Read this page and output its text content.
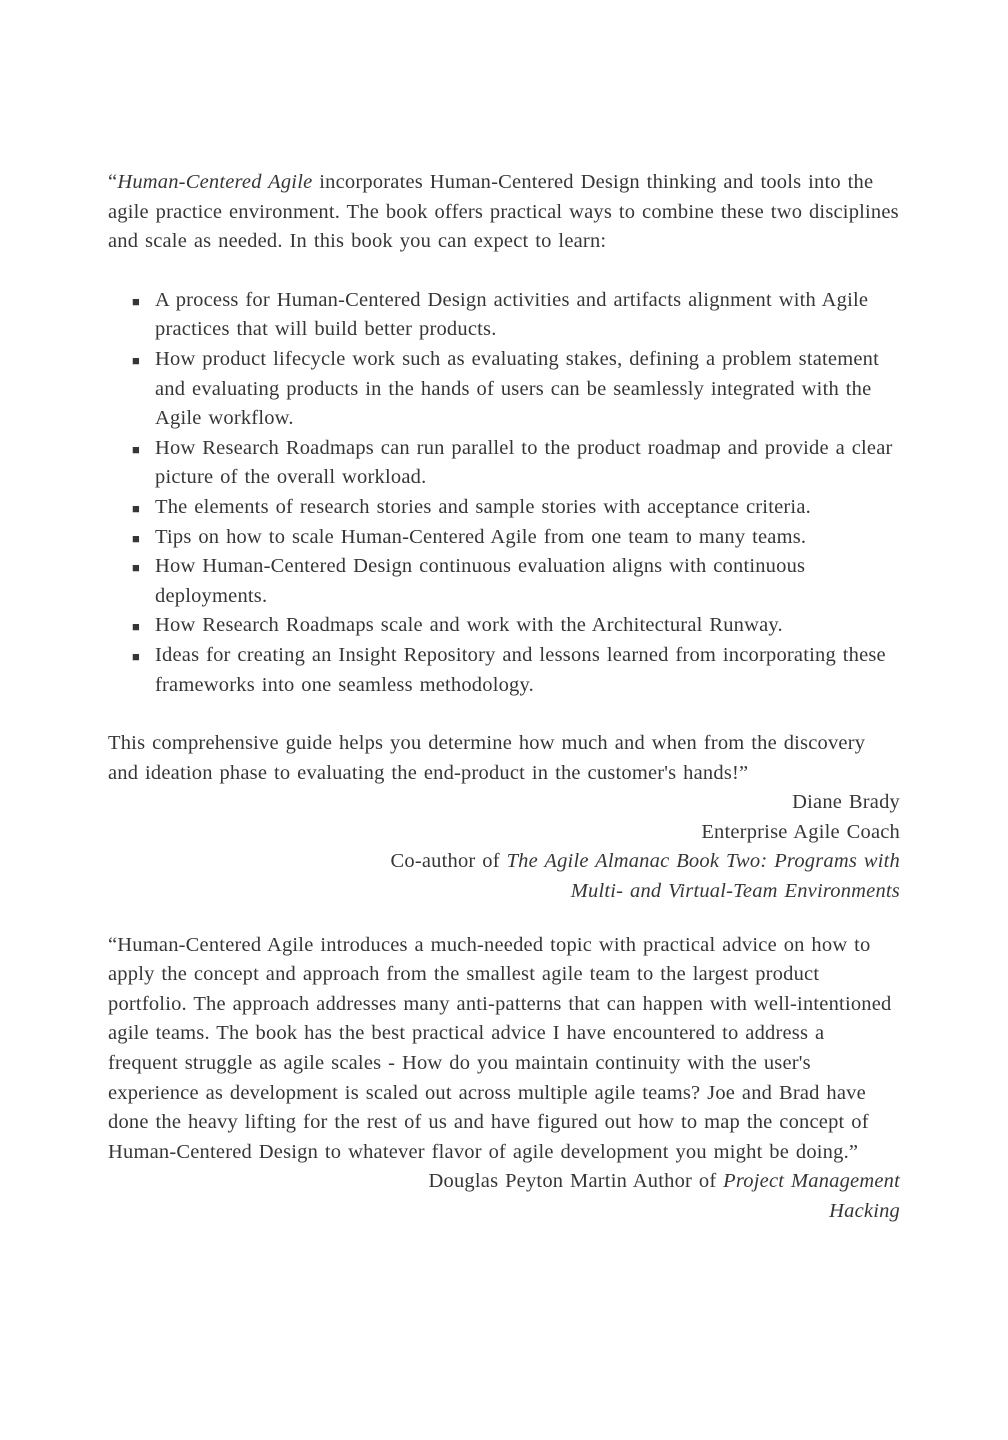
“Human-Centered Agile incorporates Human-Centered Design thinking and tools into the agile practice environment. The book offers practical ways to combine these two disciplines and scale as needed. In this book you can expect to learn:

■ A process for Human-Centered Design activities and artifacts alignment with Agile practices that will build better products.
■ How product lifecycle work such as evaluating stakes, defining a problem statement and evaluating products in the hands of users can be seamlessly integrated with the Agile workflow.
■ How Research Roadmaps can run parallel to the product roadmap and provide a clear picture of the overall workload.
■ The elements of research stories and sample stories with acceptance criteria.
■ Tips on how to scale Human-Centered Agile from one team to many teams.
■ How Human-Centered Design continuous evaluation aligns with continuous deployments.
■ How Research Roadmaps scale and work with the Architectural Runway.
■ Ideas for creating an Insight Repository and lessons learned from incorporating these frameworks into one seamless methodology.

This comprehensive guide helps you determine how much and when from the discovery and ideation phase to evaluating the end-product in the customer's hands!”

Diane Brady
Enterprise Agile Coach
Co-author of The Agile Almanac Book Two: Programs with Multi- and Virtual-Team Environments

“Human-Centered Agile introduces a much-needed topic with practical advice on how to apply the concept and approach from the smallest agile team to the largest product portfolio. The approach addresses many anti-patterns that can happen with well-intentioned agile teams. The book has the best practical advice I have encountered to address a frequent struggle as agile scales - How do you maintain continuity with the user's experience as development is scaled out across multiple agile teams? Joe and Brad have done the heavy lifting for the rest of us and have figured out how to map the concept of Human-Centered Design to whatever flavor of agile development you might be doing.”

Douglas Peyton Martin Author of Project Management Hacking
